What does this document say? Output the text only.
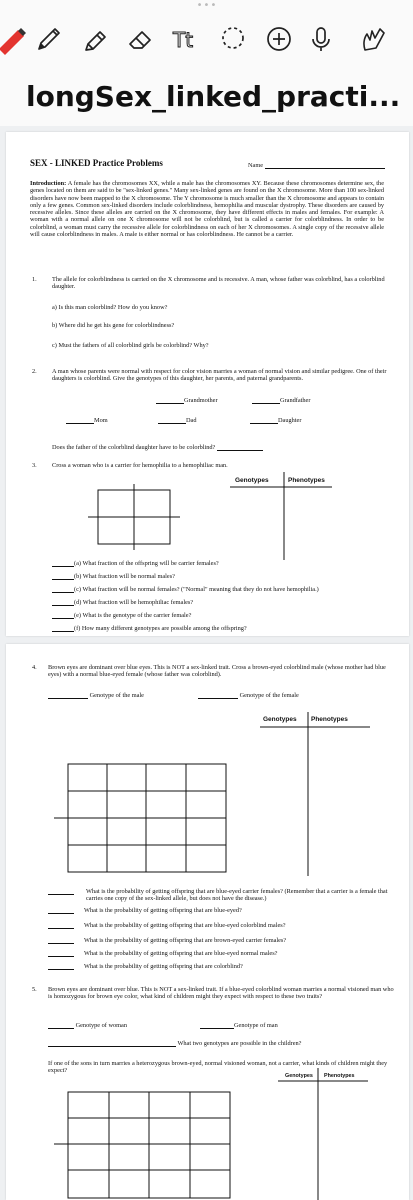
•••
Tt
longSex_linked_practi...
SEX - LINKED Practice Problems	Name
Introduction: A female has the chromosomes XX, while a male has the chromosomes XY. Because these chromosomes determine sex, the genes located on them are said to be "sex-linked genes." Many sex-linked genes are found on the X chromosome. More than 100 sex-linked disorders have now been mapped to the X chromosome. The Y chromosome is much smaller than the X chromosome and appears to contain only a few genes. Common sex-linked disorders include colorblindness, hemophilia and muscular dystrophy. These disorders are caused by recessive alleles. Since these alleles are carried on the X chromosome, they have different effects in males and females. For example: A woman with a normal allele on one X chromosome will not be colorblind, but is called a carrier for colorblindness. In order to be colorblind, a woman must carry the recessive allele for colorblindness on each of her X chromosomes. A single copy of the recessive allele will cause colorblindness in males. A male is either normal or has colorblindness. He cannot be a carrier.
1. The allele for colorblindness is carried on the X chromosome and is recessive. A man, whose father was colorblind, has a colorblind daughter.
a) Is this man colorblind? How do you know?
b) Where did he get his gene for colorblindness?
c) Must the fathers of all colorblind girls be colorblind? Why?
2. A man whose parents were normal with respect for color vision marries a woman of normal vision and similar pedigree. One of their daughters is colorblind. Give the genotypes of this daughter, her parents, and paternal grandparents.
Grandmother	Grandfather
Mom	Dad	Daughter
Does the father of the colorblind daughter have to be colorblind?
3. Cross a woman who is a carrier for hemophilia to a hemophiliac man.
Genotypes	Phenotypes
(a) What fraction of the offspring will be carrier females?
(b) What fraction will be normal males?
(c) What fraction will be normal females? ("Normal" meaning that they do not have hemophilia.)
(d) What fraction will be hemophiliac females?
(e) What is the genotype of the carrier female?
(f) How many different genotypes are possible among the offspring?
4. Brown eyes are dominant over blue eyes. This is NOT a sex-linked trait. Cross a brown-eyed colorblind male (whose mother had blue eyes) with a normal blue-eyed female (whose father was colorblind).
Genotype of the male	Genotype of the female
Genotypes Phenotypes
What is the probability of getting offspring that are blue-eyed carrier females? (Remember that a carrier is a female that carries one copy of the sex-linked allele, but does not have the disease.)
What is the probability of getting offspring that are blue-eyed?
What is the probability of getting offspring that are blue-eyed colorblind males?
What is the probability of getting offspring that are brown-eyed carrier females?
What is the probability of getting offspring that are blue-eyed normal males?
What is the probability of getting offspring that are colorblind?
5. Brown eyes are dominant over blue. This is NOT a sex-linked trait. If a blue-eyed colorblind woman marries a normal visioned man who is homozygous for brown eye color, what kind of children might they expect with respect to these two traits?
Genotype of woman	Genotype of man
What two genotypes are possible in the children?
If one of the sons in turn marries a heterozygous brown-eyed, normal visioned woman, not a carrier, what kinds of children might they expect?
Genotypes Phenotypes
